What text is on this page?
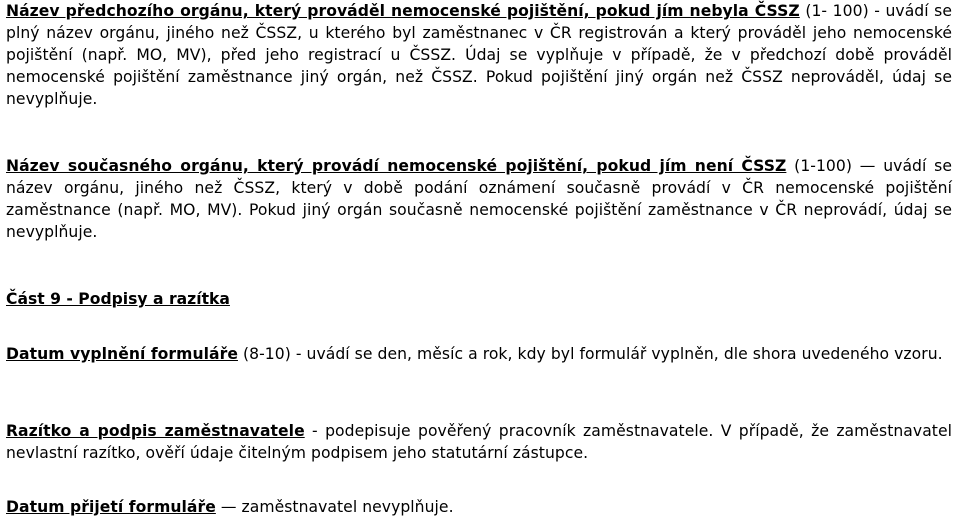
Název předchozího orgánu, který prováděl nemocenské pojištění, pokud jím nebyla ČSSZ (1- 100) - uvádí se plný název orgánu, jiného než ČSSZ, u kterého byl zaměstnanec v ČR registrován a který prováděl jeho nemocenské pojištění (např. MO, MV), před jeho registrací u ČSSZ. Údaj se vyplňuje v případě, že v předchozí době prováděl nemocenské pojištění zaměstnance jiný orgán, než ČSSZ. Pokud pojištění jiný orgán než ČSSZ neprováděl, údaj se nevyplňuje.

Název současného orgánu, který provádí nemocenské pojištění, pokud jím není ČSSZ (1-100) — uvádí se název orgánu, jiného než ČSSZ, který v době podání oznámení současně provádí v ČR nemocenské pojištění zaměstnance (např. MO, MV). Pokud jiný orgán současně nemocenské pojištění zaměstnance v ČR neprovádí, údaj se nevyplňuje.

Část 9 - Podpisy a razítka

Datum vyplnění formuláře (8-10) - uvádí se den, měsíc a rok, kdy byl formulář vyplněn, dle shora uvedeného vzoru.

Razítko a podpis zaměstnavatele - podepisuje pověřený pracovník zaměstnavatele. V případě, že zaměstnavatel nevlastní razítko, ověří údaje čitelným podpisem jeho statutární zástupce.

Datum přijetí formuláře — zaměstnavatel nevyplňuje.
